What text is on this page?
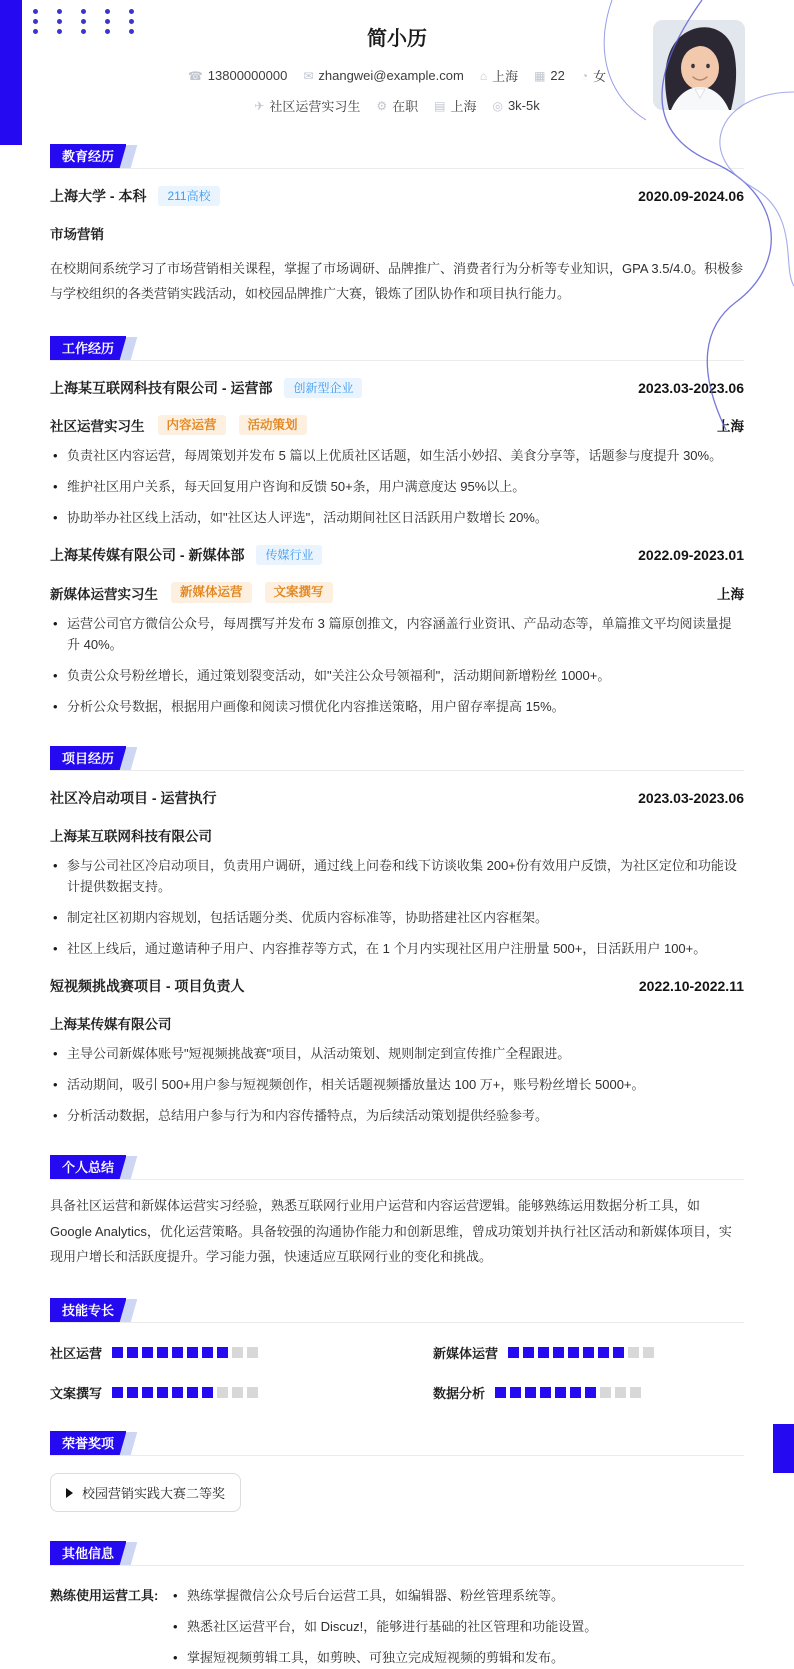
简小历
☎
13800000000 ✉ zhangwei@example.com ⌂ 上海 ▦ 22 ◔ 女
✈
社区运营实习生 ⚙ 在职 ▤ 上海 ◎ 3k-5k
教育经历
上海大学 - 本科	211高校	2020.09-2024.06
市场营销

在校期间系统学习了市场营销相关课程，掌握了市场调研、品牌推广、消费者行为分析等专业知识，GPA 3.5/4.0。积极参与学校组织的各类营销实践活动，如校园品牌推广大赛，锻炼了团队协作和项目执行能力。

工作经历
上海某互联网科技有限公司 - 运营部	创新型企业	2023.03-2023.06
社区运营实习生	内容运营	活动策划	上海
• 负责社区内容运营，每周策划并发布 5 篇以上优质社区话题，如生活小妙招、美食分享等，话题参与度提升 30%。
• 维护社区用户关系，每天回复用户咨询和反馈 50+条，用户满意度达 95%以上。
• 协助举办社区线上活动，如"社区达人评选"，活动期间社区日活跃用户数增长 20%。
上海某传媒有限公司 - 新媒体部	传媒行业	2022.09-2023.01
新媒体运营实习生	新媒体运营	文案撰写	上海
• 运营公司官方微信公众号，每周撰写并发布 3 篇原创推文，内容涵盖行业资讯、产品动态等，单篇推文平均阅读量提升 40%。
• 负责公众号粉丝增长，通过策划裂变活动，如"关注公众号领福利"，活动期间新增粉丝 1000+。
• 分析公众号数据，根据用户画像和阅读习惯优化内容推送策略，用户留存率提高 15%。
项目经历
社区冷启动项目 - 运营执行	2023.03-2023.06
上海某互联网科技有限公司
• 参与公司社区冷启动项目，负责用户调研，通过线上问卷和线下访谈收集 200+份有效用户反馈，为社区定位和功能设计提供数据支持。
• 制定社区初期内容规划，包括话题分类、优质内容标准等，协助搭建社区内容框架。
• 社区上线后，通过邀请种子用户、内容推荐等方式，在 1 个月内实现社区用户注册量 500+，日活跃用户 100+。
短视频挑战赛项目 - 项目负责人	2022.10-2022.11
上海某传媒有限公司
• 主导公司新媒体账号"短视频挑战赛"项目，从活动策划、规则制定到宣传推广全程跟进。
• 活动期间，吸引 500+用户参与短视频创作，相关话题视频播放量达 100 万+，账号粉丝增长 5000+。
• 分析活动数据，总结用户参与行为和内容传播特点，为后续活动策划提供经验参考。
个人总结

具备社区运营和新媒体运营实习经验，熟悉互联网行业用户运营和内容运营逻辑。能够熟练运用数据分析工具，如 Google Analytics，优化运营策略。具备较强的沟通协作能力和创新思维，曾成功策划并执行社区活动和新媒体项目，实现用户增长和活跃度提升。学习能力强，快速适应互联网行业的变化和挑战。

技能专长
社区运营	新媒体运营
文案撰写	数据分析
荣誉奖项
校园营销实践大赛二等奖
其他信息
熟练使用运营工具:	• 熟练掌握微信公众号后台运营工具，如编辑器、粉丝管理系统等。
• 熟悉社区运营平台，如 Discuz!，能够进行基础的社区管理和功能设置。
• 掌握短视频剪辑工具，如剪映、可独立完成短视频的剪辑和发布。
